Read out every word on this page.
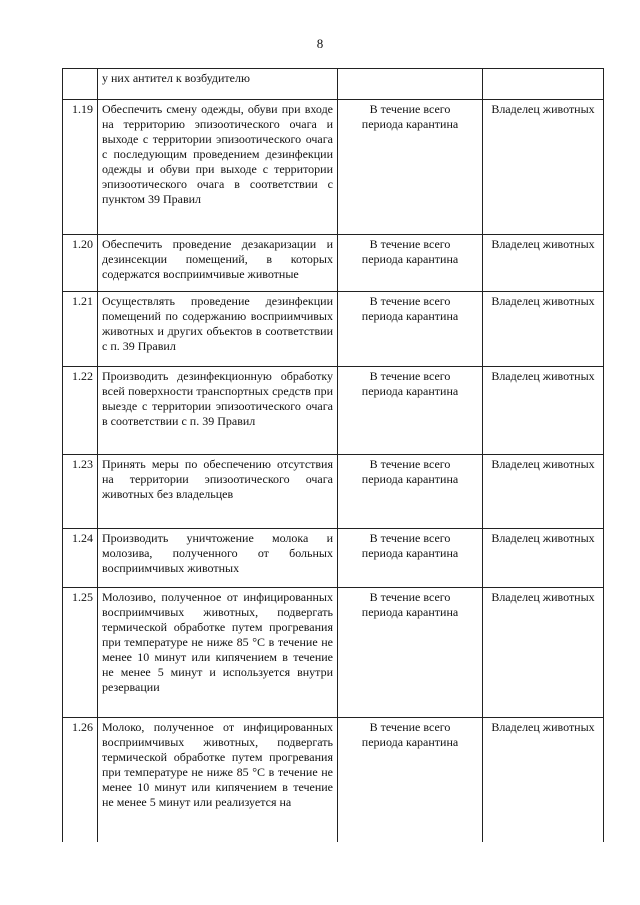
8

	у них антител к возбудителю		

1.19	Обеспечить смену одежды, обуви при входе на территорию эпизоотического очага и выходе с территории эпизоотического очага с последующим проведением дезинфекции одежды и обуви при выходе с территории эпизоотического очага в соответствии с пунктом 39 Правил	В течение всего
периода карантина	Владелец животных

1.20	Обеспечить проведение дезакаризации и дезинсекции помещений, в которых содержатся восприимчивые животные	В течение всего
периода карантина	Владелец животных

1.21	Осуществлять проведение дезинфекции помещений по содержанию восприимчивых животных и других объектов в соответствии с п. 39 Правил	В течение всего
периода карантина	Владелец животных

1.22	Производить дезинфекционную обработку всей поверхности транспортных средств при выезде с территории эпизоотического очага в соответствии с п. 39 Правил	В течение всего
периода карантина	Владелец животных

1.23	Принять меры по обеспечению отсутствия на территории эпизоотического очага животных без владельцев	В течение всего
периода карантина	Владелец животных

1.24	Производить уничтожение молока и молозива, полученного от больных восприимчивых животных	В течение всего
периода карантина	Владелец животных

1.25	Молозиво, полученное от инфицированных восприимчивых животных, подвергать термической обработке путем прогревания при температуре не ниже 85 °С в течение не менее 10 минут или кипячением в течение не менее 5 минут и используется внутри резервации	В течение всего
периода карантина	Владелец животных

1.26	Молоко, полученное от инфицированных восприимчивых животных, подвергать термической обработке путем прогревания при температуре не ниже 85 °С в течение не менее 10 минут или кипячением в течение не менее 5 минут или реализуется на	В течение всего
периода карантина	Владелец животных
